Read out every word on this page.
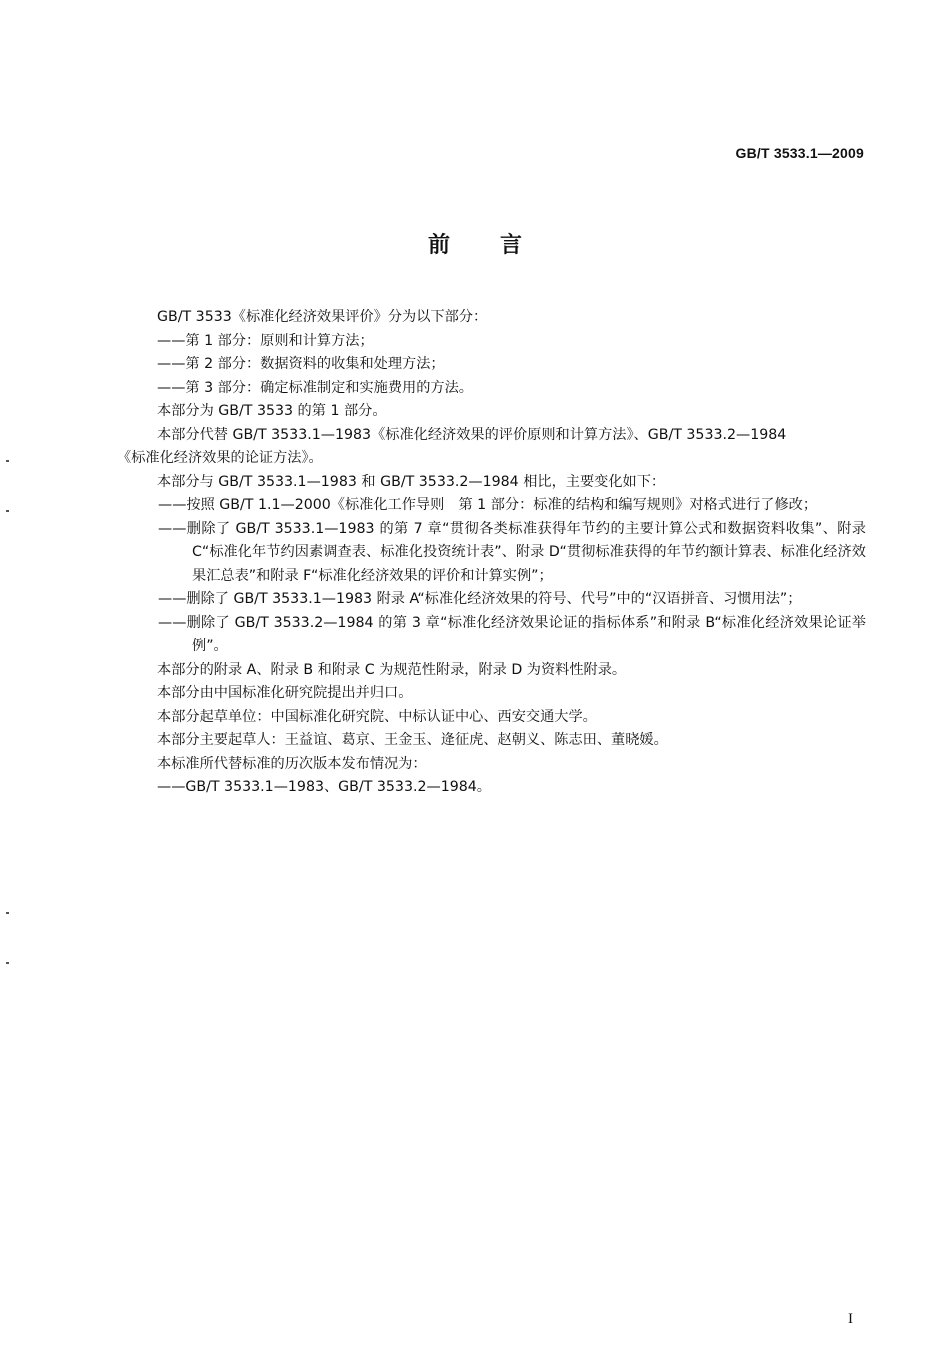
GB/T 3533.1—2009
前言

GB/T 3533《标准化经济效果评价》分为以下部分：

——第 1 部分：原则和计算方法；

——第 2 部分：数据资料的收集和处理方法；

——第 3 部分：确定标准制定和实施费用的方法。

本部分为 GB/T 3533 的第 1 部分。

本部分代替 GB/T 3533.1—1983《标准化经济效果的评价原则和计算方法》、GB/T 3533.2—1984

《标准化经济效果的论证方法》。

本部分与 GB/T 3533.1—1983 和 GB/T 3533.2—1984 相比，主要变化如下：

——按照 GB/T 1.1—2000《标准化工作导则　第 1 部分：标准的结构和编写规则》对格式进行了修改；

——删除了 GB/T 3533.1—1983 的第 7 章“贯彻各类标准获得年节约的主要计算公式和数据资料收集”、附录 C“标准化年节约因素调查表、标准化投资统计表”、附录 D“贯彻标准获得的年节约额计算表、标准化经济效果汇总表”和附录 F“标准化经济效果的评价和计算实例”；

——删除了 GB/T 3533.1—1983 附录 A“标准化经济效果的符号、代号”中的“汉语拼音、习惯用法”；

——删除了 GB/T 3533.2—1984 的第 3 章“标准化经济效果论证的指标体系”和附录 B“标准化经济效果论证举例”。

本部分的附录 A、附录 B 和附录 C 为规范性附录，附录 D 为资料性附录。

本部分由中国标准化研究院提出并归口。

本部分起草单位：中国标准化研究院、中标认证中心、西安交通大学。

本部分主要起草人：王益谊、葛京、王金玉、逄征虎、赵朝义、陈志田、董晓媛。

本标准所代替标准的历次版本发布情况为：

——GB/T 3533.1—1983、GB/T 3533.2—1984。

I
